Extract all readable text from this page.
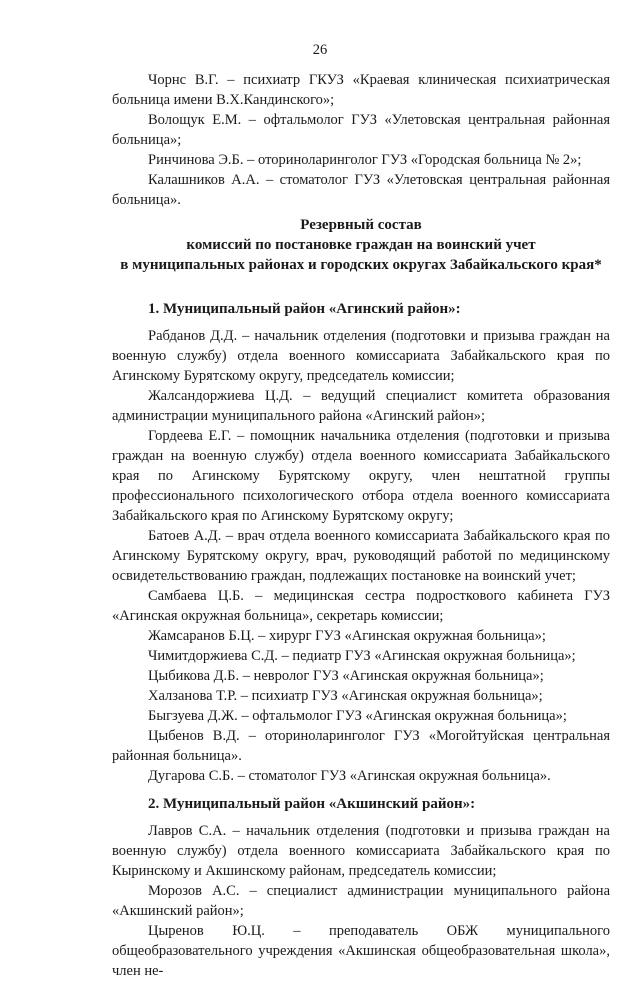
26

Чорнс В.Г. – психиатр ГКУЗ «Краевая клиническая психиатрическая больница имени В.Х.Кандинского»;

Волощук Е.М. – офтальмолог ГУЗ «Улетовская центральная районная больница»;

Ринчинова Э.Б. – оториноларинголог ГУЗ «Городская больница № 2»;

Калашников А.А. – стоматолог ГУЗ «Улетовская центральная районная больница».

Резервный состав

комиссий по постановке граждан на воинский учет

в муниципальных районах и городских округах Забайкальского края*

1. Муниципальный район «Агинский район»:

Рабданов Д.Д. – начальник отделения (подготовки и призыва граждан на военную службу) отдела военного комиссариата Забайкальского края по Агинскому Бурятскому округу, председатель комиссии;

Жалсандоржиева Ц.Д. – ведущий специалист комитета образования администрации муниципального района «Агинский район»;

Гордеева Е.Г. – помощник начальника отделения (подготовки и призыва граждан на военную службу) отдела военного комиссариата Забайкальского края по Агинскому Бурятскому округу, член нештатной группы профессионального психологического отбора отдела военного комиссариата Забайкальского края по Агинскому Бурятскому округу;

Батоев А.Д. – врач отдела военного комиссариата Забайкальского края по Агинскому Бурятскому округу, врач, руководящий работой по медицинскому освидетельствованию граждан, подлежащих постановке на воинский учет;

Самбаева Ц.Б. – медицинская сестра подросткового кабинета ГУЗ «Агинская окружная больница», секретарь комиссии;

Жамсаранов Б.Ц. – хирург ГУЗ «Агинская окружная больница»;

Чимитдоржиева С.Д. – педиатр ГУЗ «Агинская окружная больница»;

Цыбикова Д.Б. – невролог ГУЗ «Агинская окружная больница»;

Халзанова Т.Р. – психиатр ГУЗ «Агинская окружная больница»;

Быгзуева Д.Ж. – офтальмолог ГУЗ «Агинская окружная больница»;

Цыбенов В.Д. – оториноларинголог ГУЗ «Могойтуйская центральная районная больница».

Дугарова С.Б. – стоматолог ГУЗ «Агинская окружная больница».

2. Муниципальный район «Акшинский район»:

Лавров С.А. – начальник отделения (подготовки и призыва граждан на военную службу) отдела военного комиссариата Забайкальского края по Кыринскому и Акшинскому районам, председатель комиссии;

Морозов А.С. – специалист администрации муниципального района «Акшинский район»;

Цыренов Ю.Ц. – преподаватель ОБЖ муниципального общеобразовательного учреждения «Акшинская общеобразовательная школа», член не-
